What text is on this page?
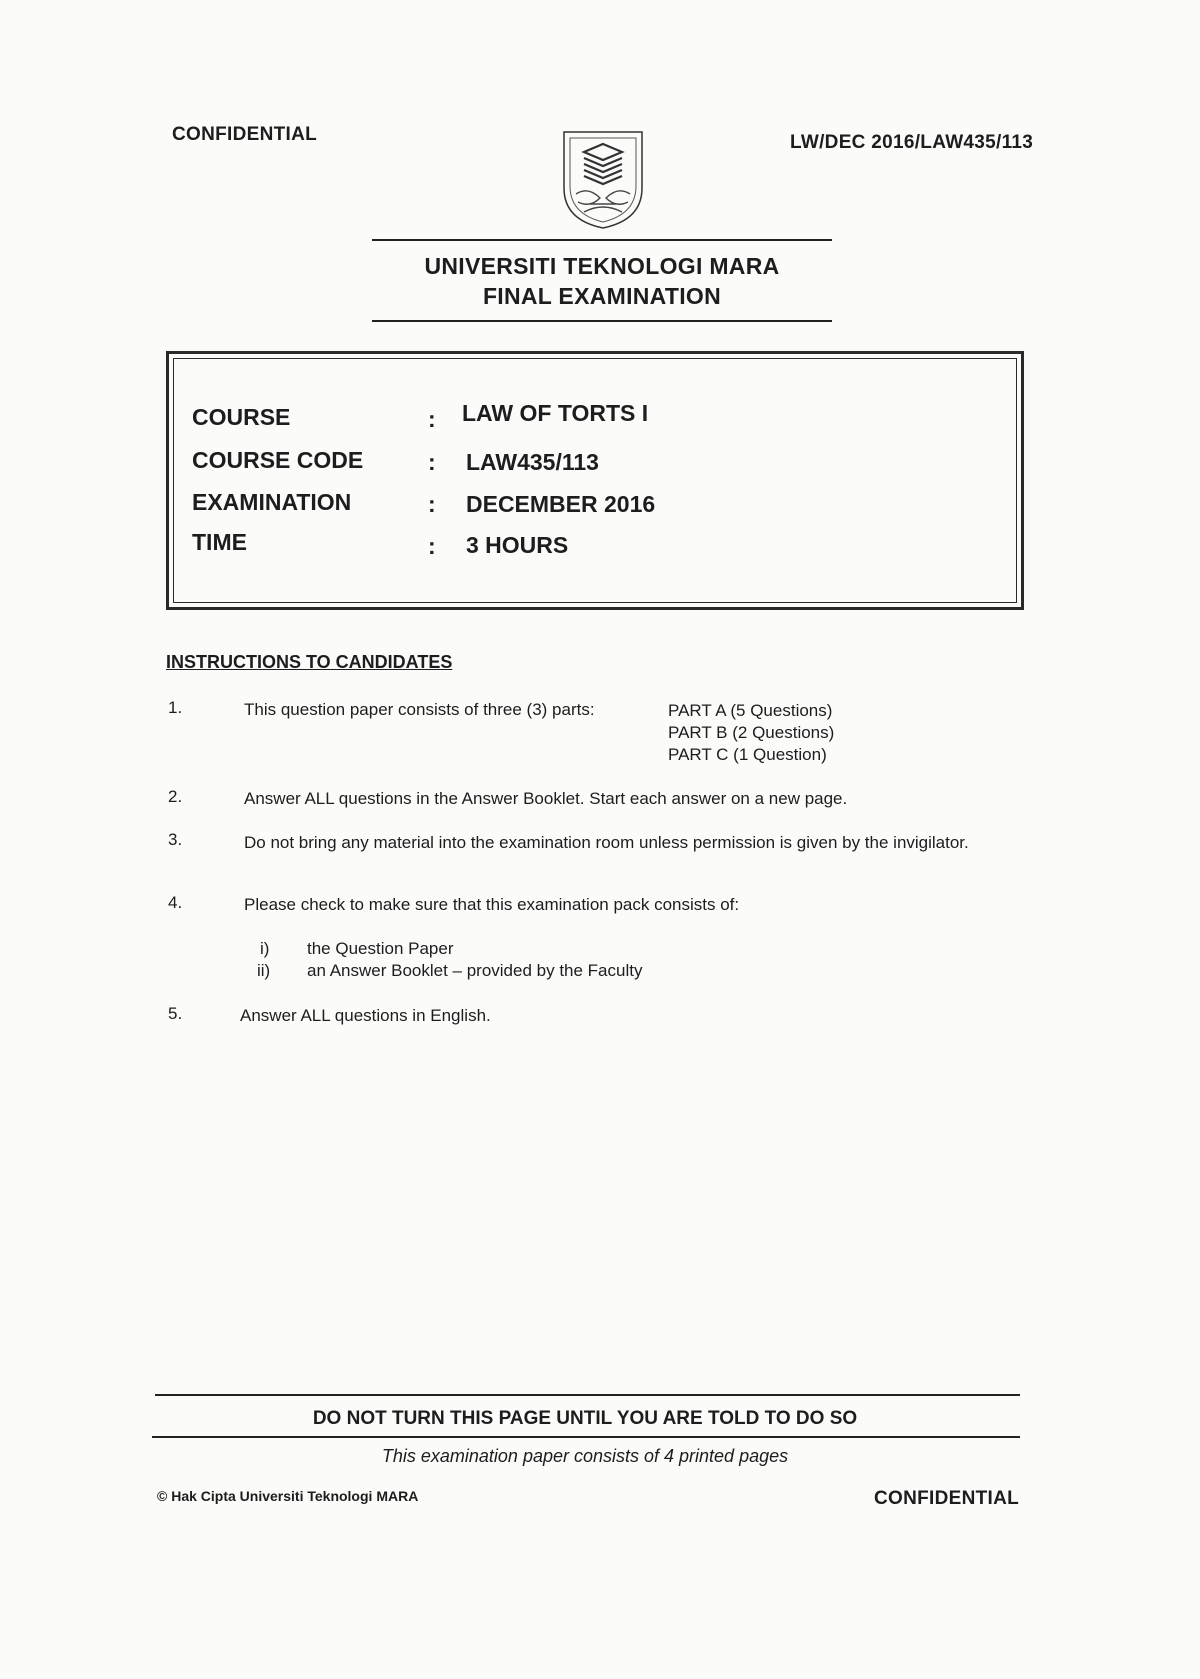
CONFIDENTIAL	LW/DEC 2016/LAW435/113
UNIVERSITI TEKNOLOGI MARA
FINAL EXAMINATION
COURSE	: LAW OF TORTS I
COURSE CODE	: LAW435/113
EXAMINATION	: DECEMBER 2016
TIME	: 3 HOURS
INSTRUCTIONS TO CANDIDATES
1.	This question paper consists of three (3) parts:	PART A (5 Questions)
PART B (2 Questions)
PART C (1 Question)
2.	Answer ALL questions in the Answer Booklet. Start each answer on a new page.
3.	Do not bring any material into the examination room unless permission is given by the invigilator.
4.	Please check to make sure that this examination pack consists of:
i) the Question Paper
ii) an Answer Booklet – provided by the Faculty
5.	Answer ALL questions in English.
DO NOT TURN THIS PAGE UNTIL YOU ARE TOLD TO DO SO
This examination paper consists of 4 printed pages
© Hak Cipta Universiti Teknologi MARA	CONFIDENTIAL
